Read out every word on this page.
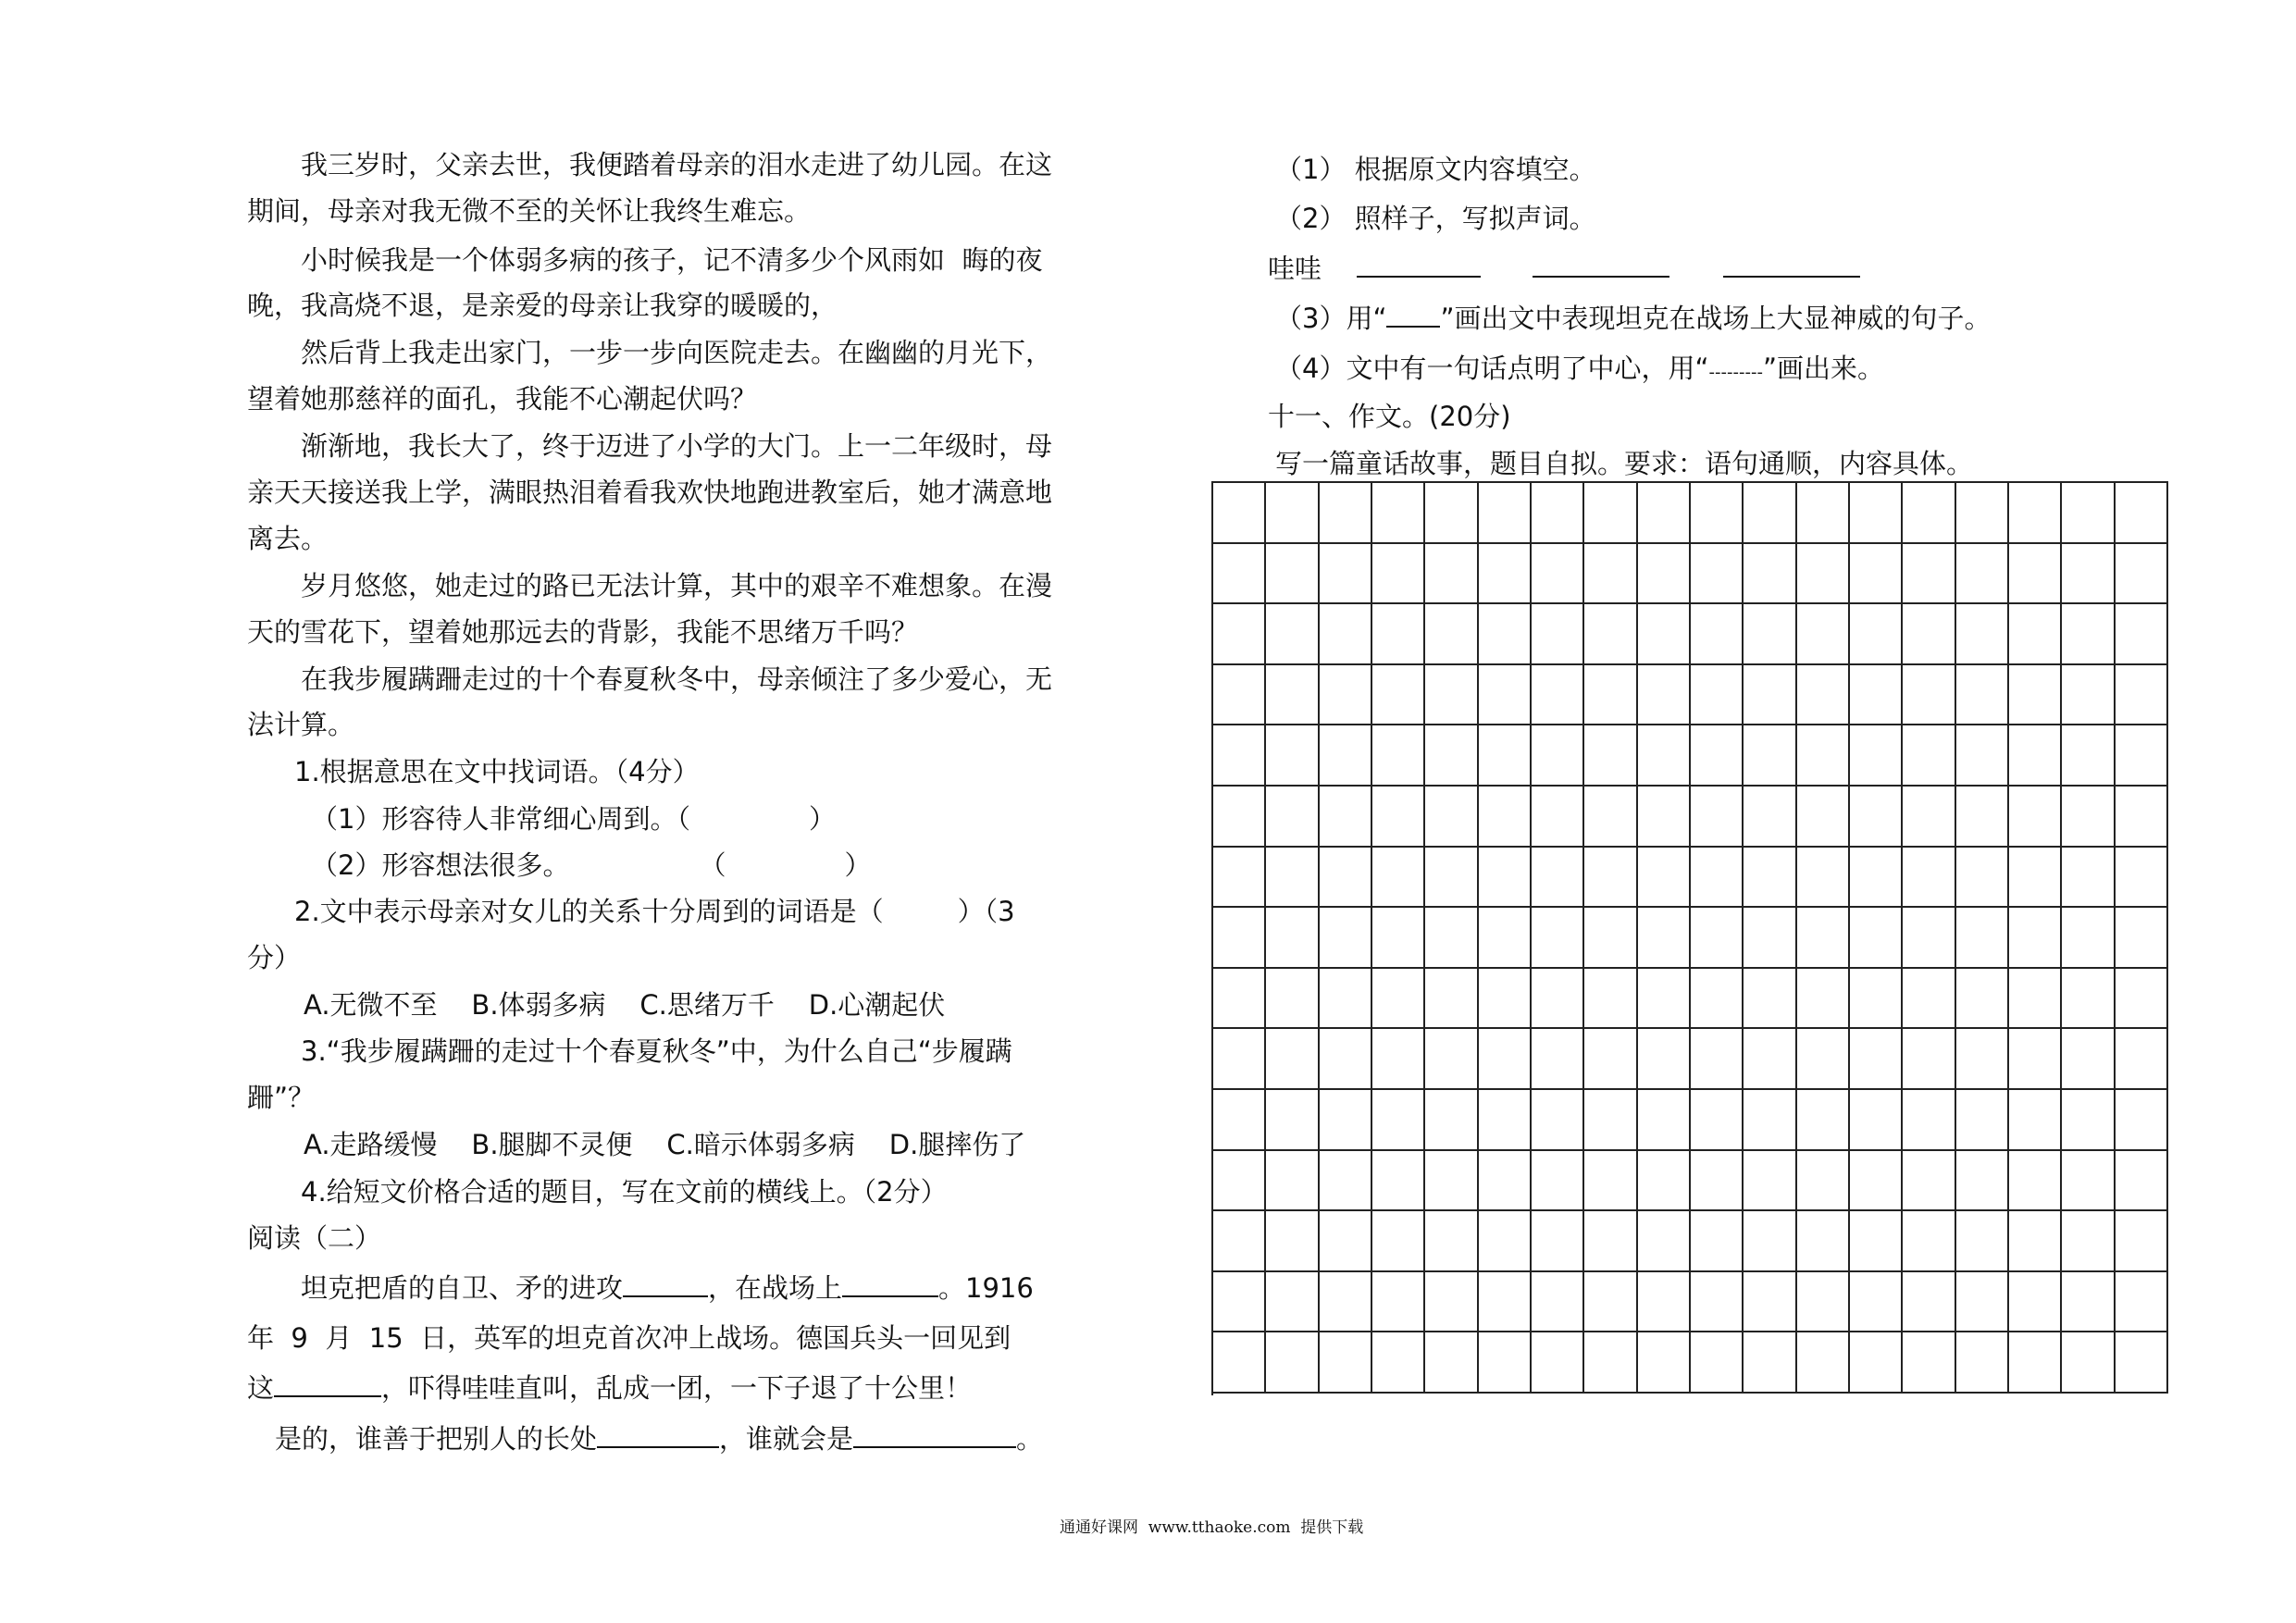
我三岁时，父亲去世，我便踏着母亲的泪水走进了幼儿园。在这
期间，母亲对我无微不至的关怀让我终生难忘。
小时候我是一个体弱多病的孩子，记不清多少个风雨如  晦的夜
晚，我高烧不退，是亲爱的母亲让我穿的暖暖的，
然后背上我走出家门，一步一步向医院走去。在幽幽的月光下，
望着她那慈祥的面孔，我能不心潮起伏吗？
渐渐地，我长大了，终于迈进了小学的大门。上一二年级时，母
亲天天接送我上学，满眼热泪着看我欢快地跑进教室后，她才满意地
离去。
岁月悠悠，她走过的路已无法计算，其中的艰辛不难想象。在漫
天的雪花下，望着她那远去的背影，我能不思绪万千吗？
在我步履蹒跚走过的十个春夏秋冬中，母亲倾注了多少爱心，无
法计算。
1.根据意思在文中找词语。（4分）
（1）形容待人非常细心周到。（	）
（2）形容想法很多。	（	）
2.文中表示母亲对女儿的关系十分周到的词语是（	）（3
分）
A.无微不至    B.体弱多病    C.思绪万千    D.心潮起伏
3.“我步履蹒跚的走过十个春夏秋冬”中，为什么自己“步履蹒
跚”？
A.走路缓慢    B.腿脚不灵便    C.暗示体弱多病    D.腿摔伤了
4.给短文价格合适的题目，写在文前的横线上。（2分）
阅读（二）
坦克把盾的自卫、矛的进攻	，在战场上	。1916
年  9  月  15  日，英军的坦克首次冲上战场。德国兵头一回见到
这	，吓得哇哇直叫，乱成一团，一下子退了十公里！
是的，谁善于把别人的长处	，谁就会是	。
（1） 根据原文内容填空。
（2） 照样子，写拟声词。
哇哇
（3）用“ ”画出文中表现坦克在战场上大显神威的句子。
（4）文中有一句话点明了中心，用“---------”画出来。
十一、作文。(20分)
写一篇童话故事，题目自拟。要求：语句通顺，内容具体。
通通好课网  www.tthaoke.com  提供下载
